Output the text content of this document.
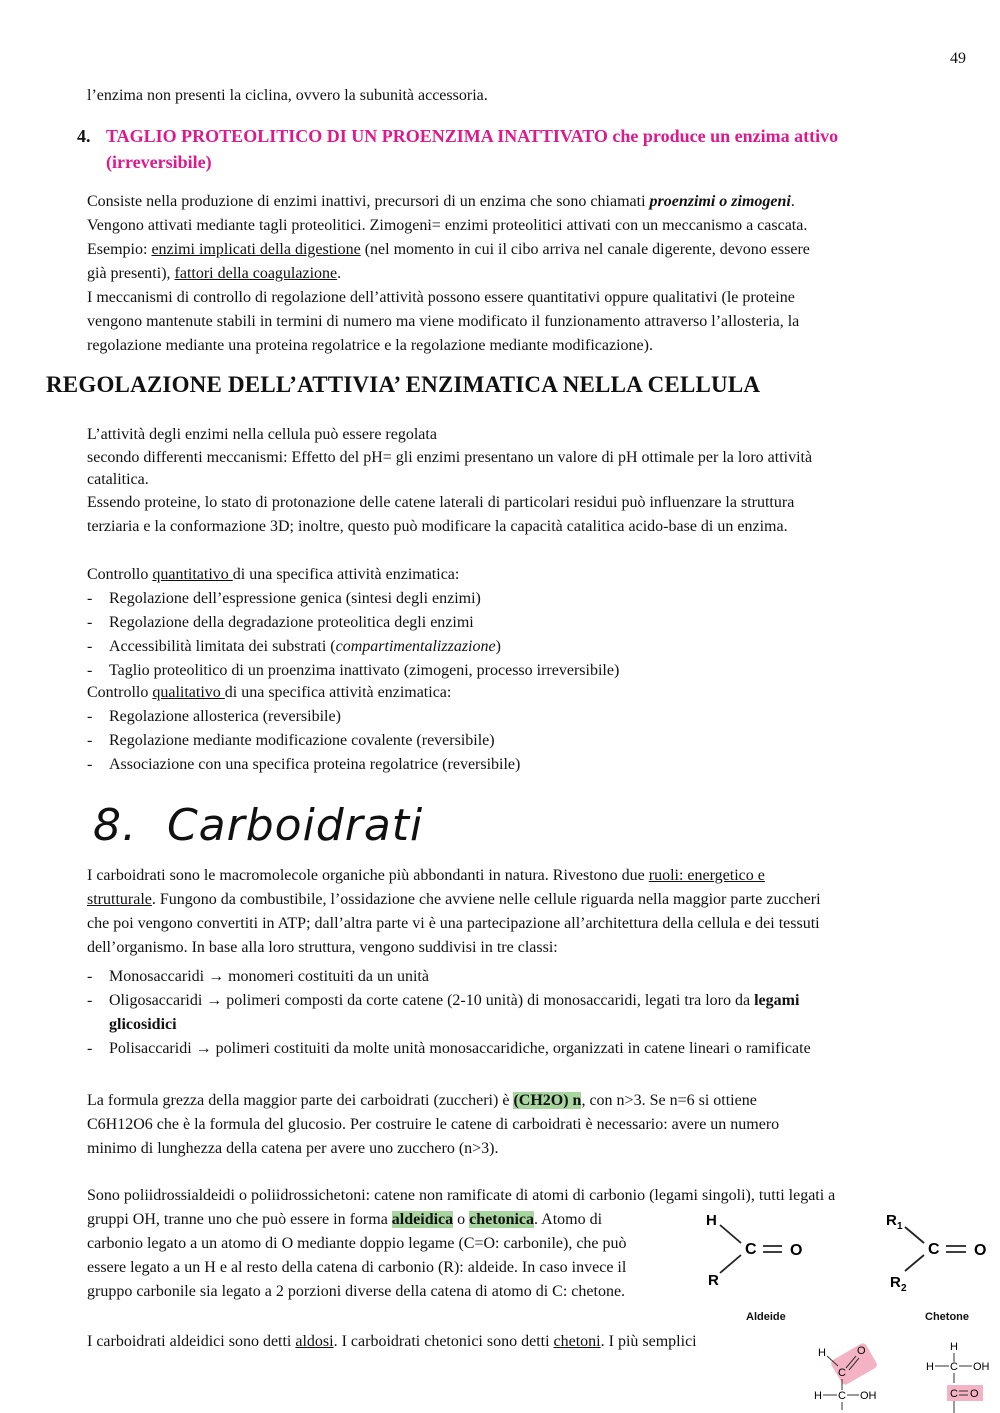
49
l’enzima non presenti la ciclina, ovvero la subunità accessoria.
4. TAGLIO PROTEOLITICO DI UN PROENZIMA INATTIVATO che produce un enzima attivo
(irreversibile)
Consiste nella produzione di enzimi inattivi, precursori di un enzima che sono chiamati proenzimi o zimogeni.
Vengono attivati mediante tagli proteolitici. Zimogeni= enzimi proteolitici attivati con un meccanismo a cascata.
Esempio: enzimi implicati della digestione (nel momento in cui il cibo arriva nel canale digerente, devono essere
già presenti), fattori della coagulazione.
I meccanismi di controllo di regolazione dell’attività possono essere quantitativi oppure qualitativi (le proteine
vengono mantenute stabili in termini di numero ma viene modificato il funzionamento attraverso l’allosteria, la
regolazione mediante una proteina regolatrice e la regolazione mediante modificazione).
REGOLAZIONE DELL’ATTIVIA’ ENZIMATICA NELLA CELLULA
L’attività degli enzimi nella cellula può essere regolata
secondo differenti meccanismi: Effetto del pH= gli enzimi presentano un valore di pH ottimale per la loro attività
catalitica.
Essendo proteine, lo stato di protonazione delle catene laterali di particolari residui può influenzare la struttura
terziaria e la conformazione 3D; inoltre, questo può modificare la capacità catalitica acido-base di un enzima.
Controllo quantitativo di una specifica attività enzimatica:
- Regolazione dell’espressione genica (sintesi degli enzimi)
- Regolazione della degradazione proteolitica degli enzimi
- Accessibilità limitata dei substrati (compartimentalizzazione)
- Taglio proteolitico di un proenzima inattivato (zimogeni, processo irreversibile)
Controllo qualitativo di una specifica attività enzimatica:
- Regolazione allosterica (reversibile)
- Regolazione mediante modificazione covalente (reversibile)
- Associazione con una specifica proteina regolatrice (reversibile)
8.  Carboidrati
I carboidrati sono le macromolecole organiche più abbondanti in natura. Rivestono due ruoli: energetico e
strutturale. Fungono da combustibile, l’ossidazione che avviene nelle cellule riguarda nella maggior parte zuccheri
che poi vengono convertiti in ATP; dall’altra parte vi è una partecipazione all’architettura della cellula e dei tessuti
dell’organismo. In base alla loro struttura, vengono suddivisi in tre classi:
- Monosaccaridi → monomeri costituiti da un unità
- Oligosaccaridi → polimeri composti da corte catene (2-10 unità) di monosaccaridi, legati tra loro da legami
glicosidici
- Polisaccaridi → polimeri costituiti da molte unità monosaccaridiche, organizzati in catene lineari o ramificate
La formula grezza della maggior parte dei carboidrati (zuccheri) è (CH2O) n, con n>3. Se n=6 si ottiene
C6H12O6 che è la formula del glucosio. Per costruire le catene di carboidrati è necessario: avere un numero
minimo di lunghezza della catena per avere uno zucchero (n>3).
Sono poliidrossialdeidi o poliidrossichetoni: catene non ramificate di atomi di carbonio (legami singoli), tutti legati a
gruppi OH, tranne uno che può essere in forma aldeidica o chetonica. Atomo di
carbonio legato a un atomo di O mediante doppio legame (C=O: carbonile), che può
essere legato a un H e al resto della catena di carbonio (R): aldeide. In caso invece il
gruppo carbonile sia legato a 2 porzioni diverse della catena di atomo di C: chetone.
I carboidrati aldeidici sono detti aldosi. I carboidrati chetonici sono detti chetoni. I più semplici
H
C O
R
Aldeide
R 1
C O
R 2
Chetone
H
C
O
H C OH
H
H C OH
C O
